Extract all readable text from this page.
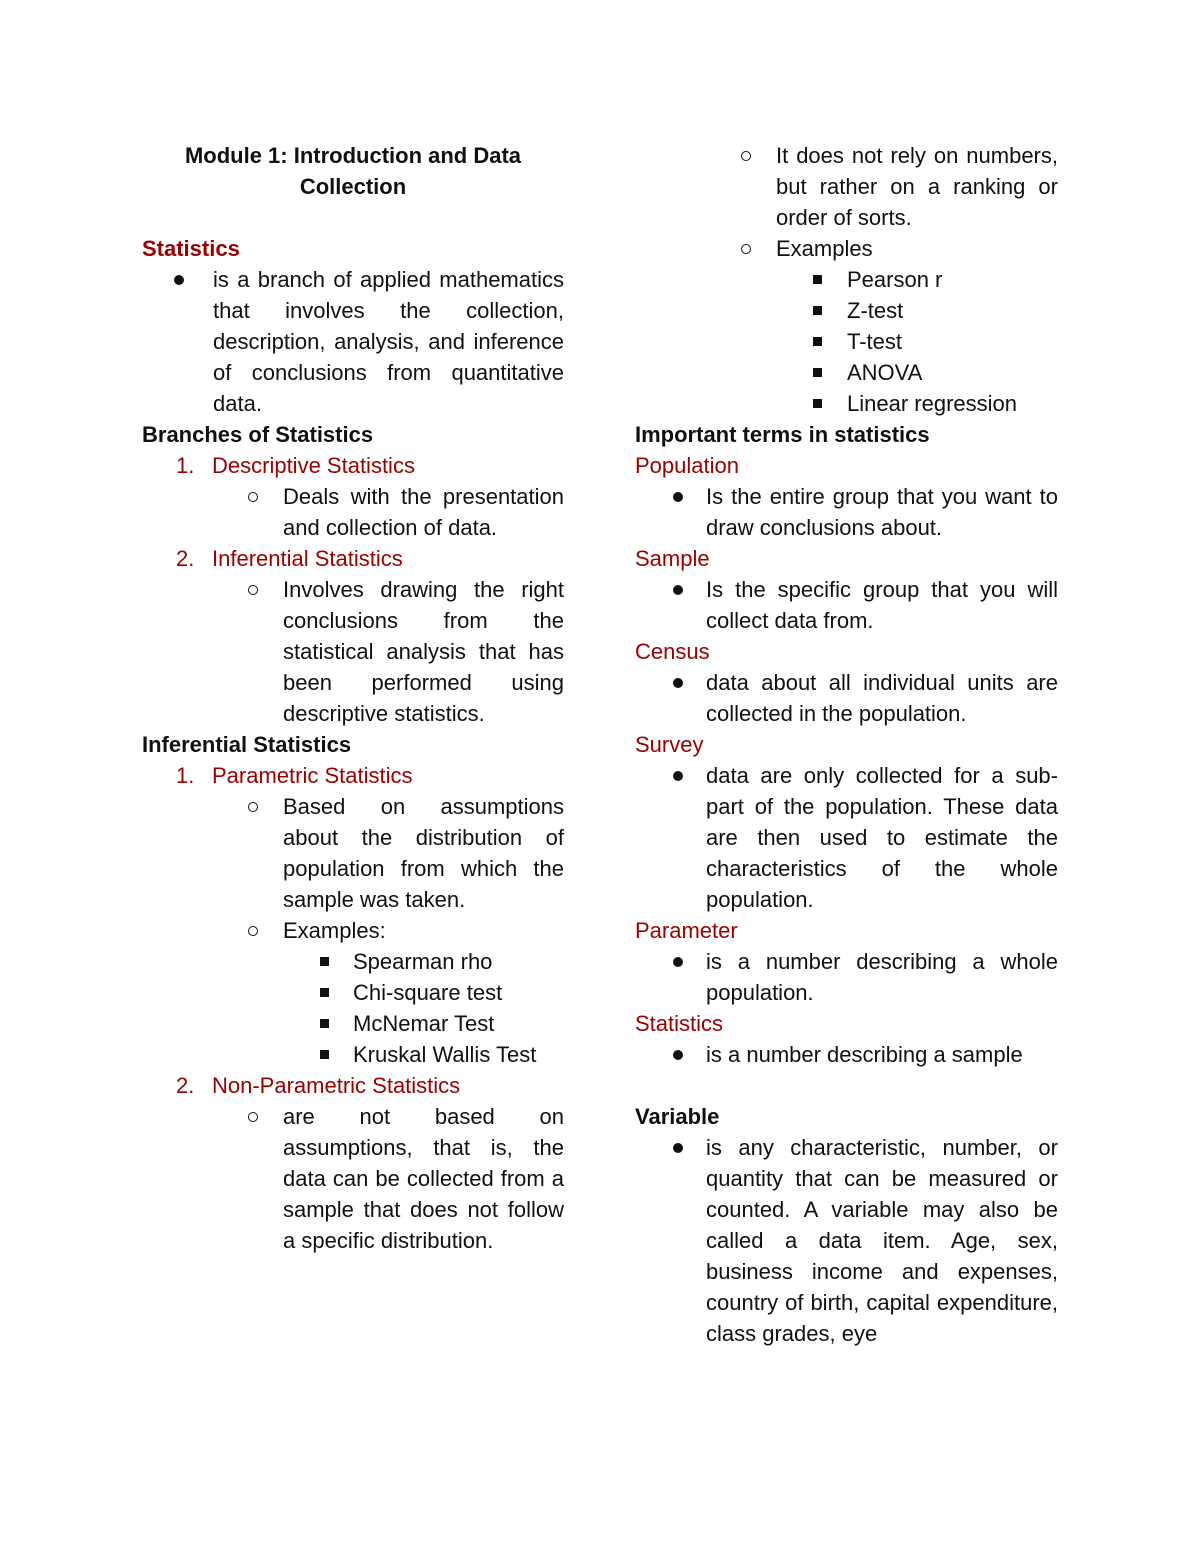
Module 1: Introduction and Data
Collection
Statistics
is a branch of applied mathematics that involves the collection, description, analysis, and inference of conclusions from quantitative data.
Branches of Statistics
1. Descriptive Statistics
Deals with the presentation and collection of data.
2. Inferential Statistics
Involves drawing the right conclusions from the statistical analysis that has been performed using descriptive statistics.
Inferential Statistics
1. Parametric Statistics
Based on assumptions about the distribution of population from which the sample was taken.
Examples:
Spearman rho
Chi-square test
McNemar Test
Kruskal Wallis Test
2. Non-Parametric Statistics
are not based on assumptions, that is, the data can be collected from a sample that does not follow a specific distribution.
It does not rely on numbers, but rather on a ranking or order of sorts.
Examples
Pearson r
Z-test
T-test
ANOVA
Linear regression
Important terms in statistics
Population
Is the entire group that you want to draw conclusions about.
Sample
Is the specific group that you will collect data from.
Census
data about all individual units are collected in the population.
Survey
data are only collected for a sub-part of the population. These data are then used to estimate the characteristics of the whole population.
Parameter
is a number describing a whole population.
Statistics
is a number describing a sample
Variable
is any characteristic, number, or quantity that can be measured or counted. A variable may also be called a data item. Age, sex, business income and expenses, country of birth, capital expenditure, class grades, eye
